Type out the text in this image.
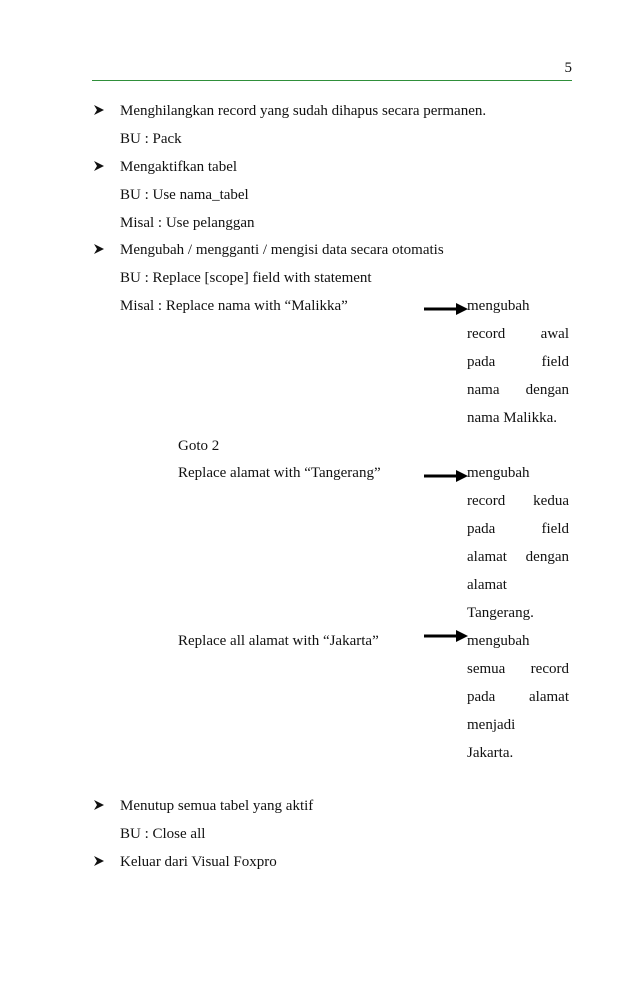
5
Menghilangkan record yang sudah dihapus secara permanen.
BU : Pack
Mengaktifkan tabel
BU : Use nama_tabel
Misal : Use pelanggan
Mengubah / mengganti / mengisi data secara otomatis
BU : Replace [scope] field with statement
Misal : Replace nama with “Malikka”	mengubah
record awal
pada field
nama dengan
nama Malikka.
Goto 2
Replace alamat with “Tangerang”	mengubah
record kedua
pada field
alamat dengan
alamat
Tangerang.
Replace all alamat with “Jakarta”	mengubah
semua record
pada alamat
menjadi
Jakarta.
Menutup semua tabel yang aktif
BU : Close all
Keluar dari Visual Foxpro
